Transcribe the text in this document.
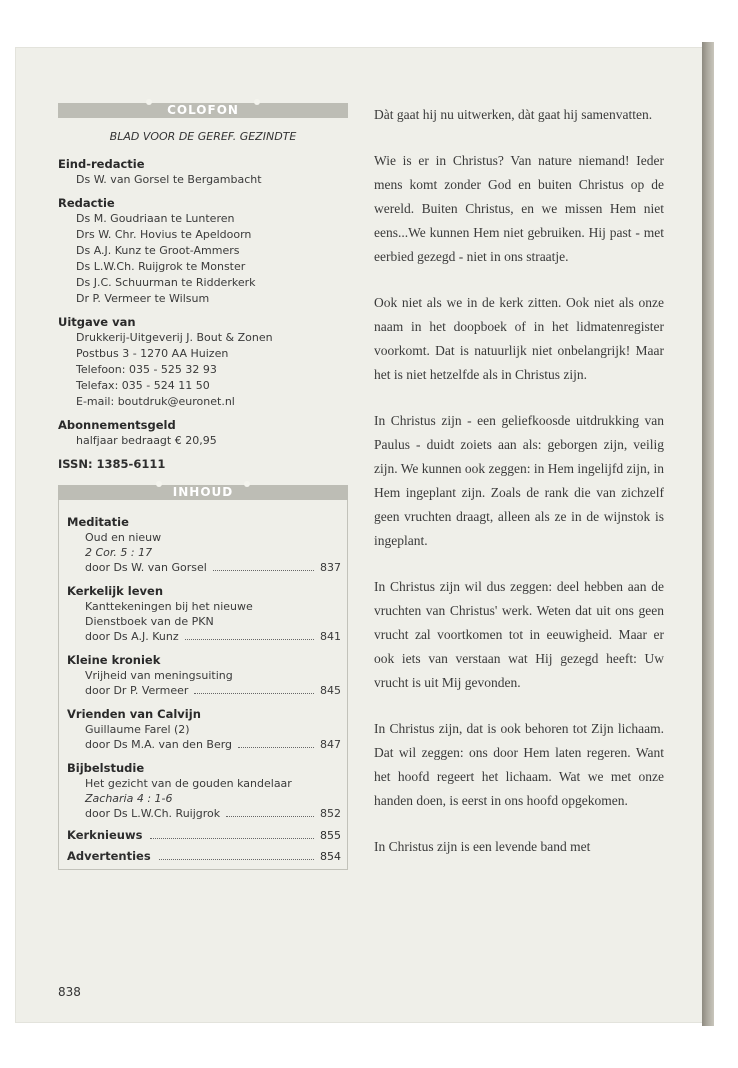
COLOFON
BLAD VOOR DE GEREF. GEZINDTE
Eind-redactie
Ds W. van Gorsel te Bergambacht
Redactie
Ds M. Goudriaan te Lunteren
Drs W. Chr. Hovius te Apeldoorn
Ds A.J. Kunz te Groot-Ammers
Ds L.W.Ch. Ruijgrok te Monster
Ds J.C. Schuurman te Ridderkerk
Dr P. Vermeer te Wilsum
Uitgave van
Drukkerij-Uitgeverij J. Bout & Zonen
Postbus 3 - 1270 AA Huizen
Telefoon: 035 - 525 32 93
Telefax: 035 - 524 11 50
E-mail: boutdruk@euronet.nl
Abonnementsgeld
halfjaar bedraagt € 20,95
ISSN: 1385-6111
INHOUD
Meditatie
Oud en nieuw
2 Cor. 5 : 17
door Ds W. van Gorsel	837
Kerkelijk leven
Kanttekeningen bij het nieuwe
Dienstboek van de PKN
door Ds A.J. Kunz	841
Kleine kroniek
Vrijheid van meningsuiting
door Dr P. Vermeer	845
Vrienden van Calvijn
Guillaume Farel (2)
door Ds M.A. van den Berg	847
Bijbelstudie
Het gezicht van de gouden kandelaar
Zacharia 4 : 1-6
door Ds L.W.Ch. Ruijgrok	852
Kerknieuws	855
Advertenties	854
838

Dàt gaat hij nu uitwerken, dàt gaat hij samenvatten.

Wie is er in Christus? Van nature niemand! Ieder mens komt zonder God en buiten Christus op de wereld. Buiten Christus, en we missen Hem niet eens...We kunnen Hem niet gebruiken. Hij past - met eerbied gezegd - niet in ons straatje.

Ook niet als we in de kerk zitten. Ook niet als onze naam in het doopboek of in het lidmatenregister voorkomt. Dat is natuurlijk niet onbelangrijk! Maar het is niet hetzelfde als in Christus zijn.

In Christus zijn - een geliefkoosde uitdrukking van Paulus - duidt zoiets aan als: geborgen zijn, veilig zijn. We kunnen ook zeggen: in Hem ingelijfd zijn, in Hem ingeplant zijn. Zoals de rank die van zichzelf geen vruchten draagt, alleen als ze in de wijnstok is ingeplant.

In Christus zijn wil dus zeggen: deel hebben aan de vruchten van Christus' werk. Weten dat uit ons geen vrucht zal voortkomen tot in eeuwigheid. Maar er ook iets van verstaan wat Hij gezegd heeft: Uw vrucht is uit Mij gevonden.

In Christus zijn, dat is ook behoren tot Zijn lichaam. Dat wil zeggen: ons door Hem laten regeren. Want het hoofd regeert het lichaam. Wat we met onze handen doen, is eerst in ons hoofd opgekomen.

In Christus zijn is een levende band met
